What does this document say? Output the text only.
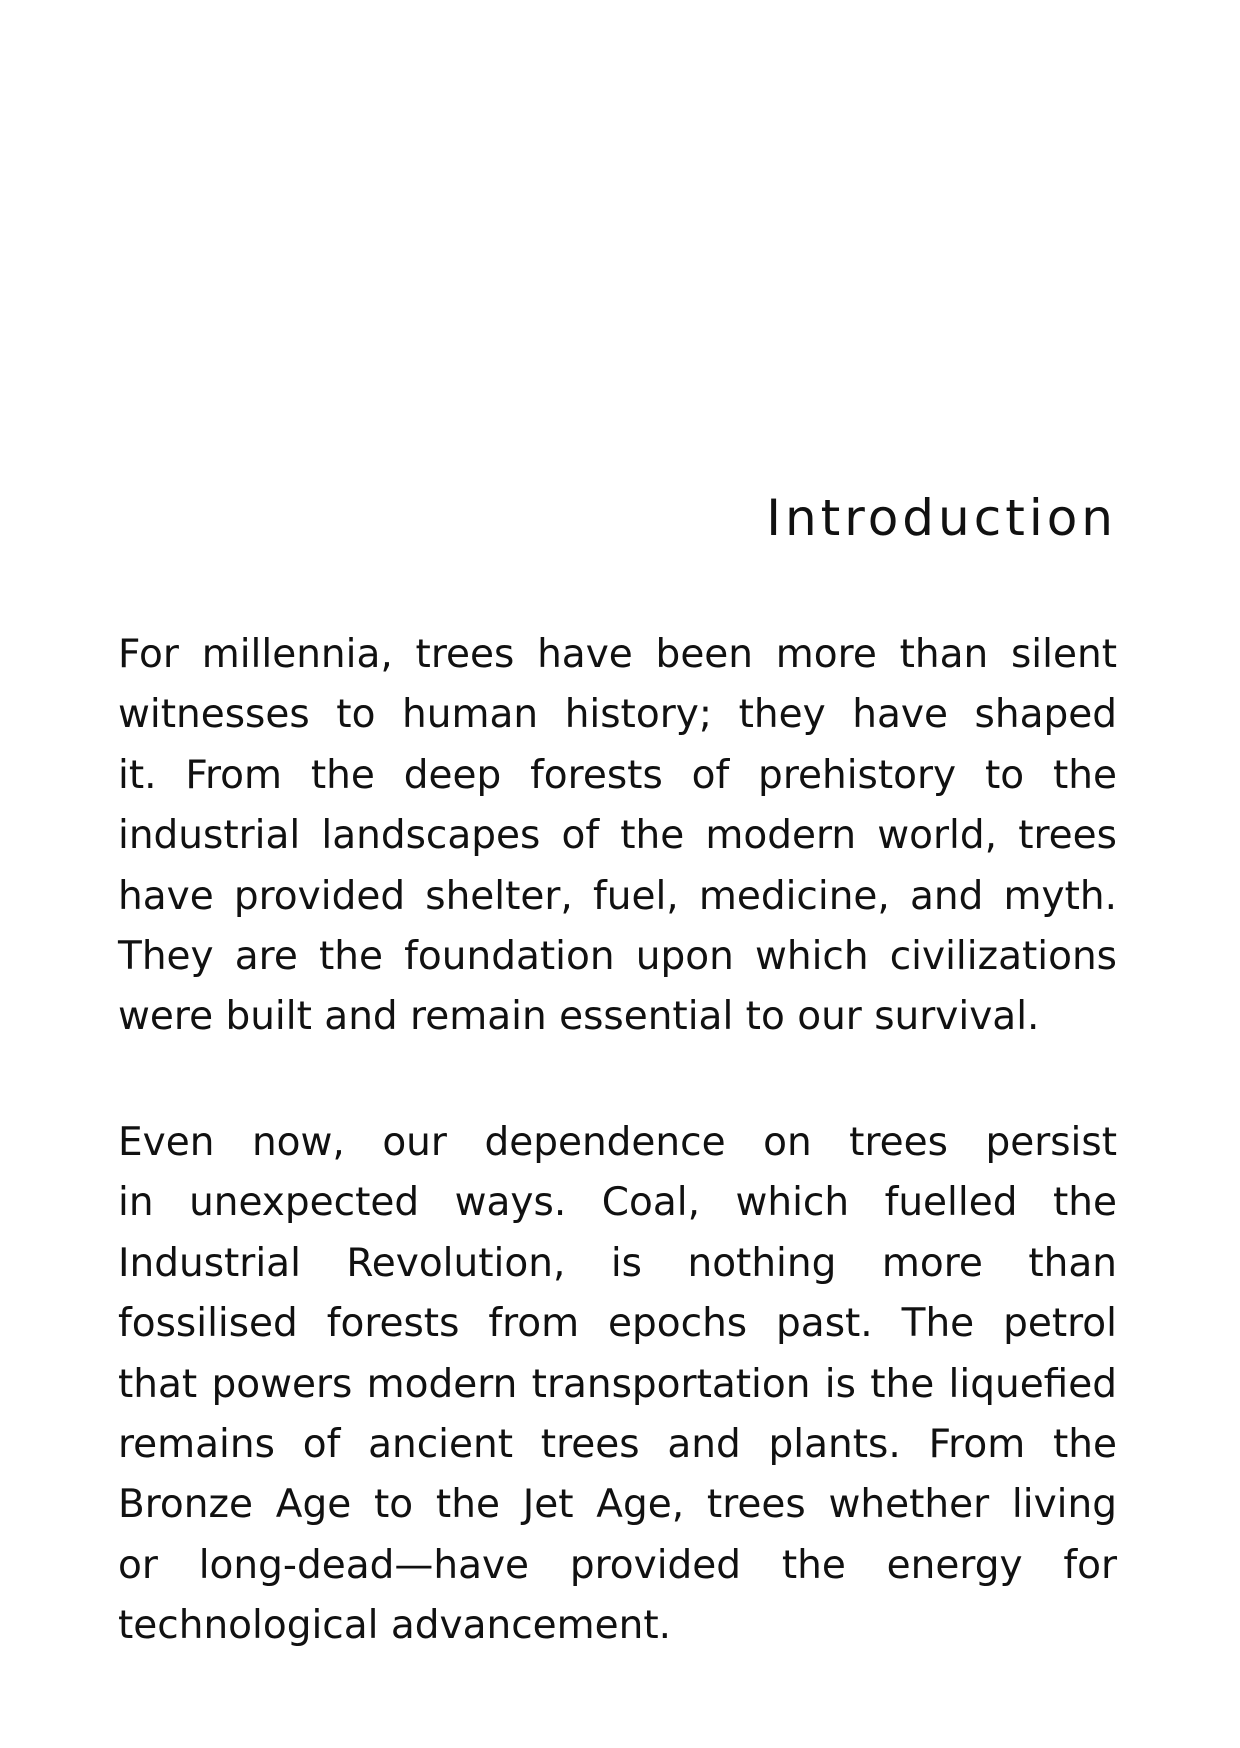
Introduction
For millennia, trees have been more than silent
witnesses to human history; they have shaped
it. From the deep forests of prehistory to the
industrial landscapes of the modern world, trees
have provided shelter, fuel, medicine, and myth.
They are the foundation upon which civilizations
were built and remain essential to our survival.
Even now, our dependence on trees persist
in unexpected ways. Coal, which fuelled the
Industrial Revolution, is nothing more than
fossilised forests from epochs past. The petrol
that powers modern transportation is the liquefied
remains of ancient trees and plants. From the
Bronze Age to the Jet Age, trees whether living
or long-dead—have provided the energy for
technological advancement.
